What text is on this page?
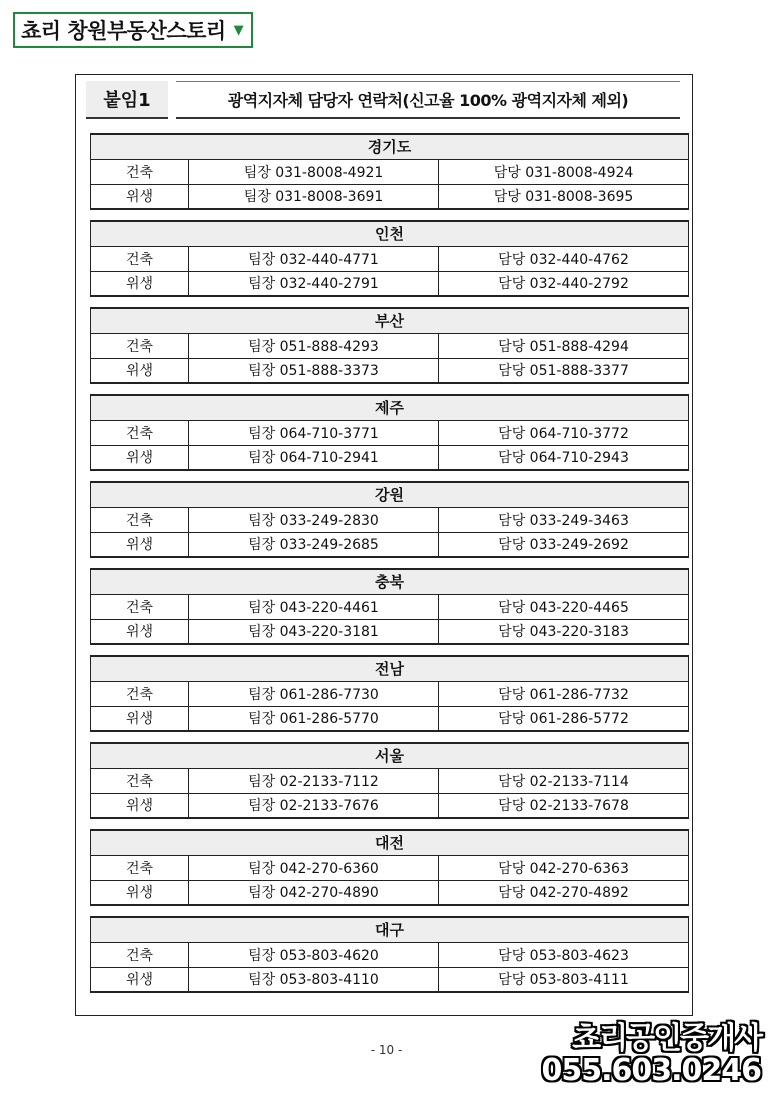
쵸리 창원부동산스토리 ▼
붙임1	광역지자체 담당자 연락처(신고율 100% 광역지자체 제외)
경기도		
건축	팀장 031-8008-4921	담당 031-8008-4924
위생	팀장 031-8008-3691	담당 031-8008-3695
인천		
건축	팀장 032-440-4771	담당 032-440-4762
위생	팀장 032-440-2791	담당 032-440-2792
부산		
건축	팀장 051-888-4293	담당 051-888-4294
위생	팀장 051-888-3373	담당 051-888-3377
제주		
건축	팀장 064-710-3771	담당 064-710-3772
위생	팀장 064-710-2941	담당 064-710-2943
강원		
건축	팀장 033-249-2830	담당 033-249-3463
위생	팀장 033-249-2685	담당 033-249-2692
충북		
건축	팀장 043-220-4461	담당 043-220-4465
위생	팀장 043-220-3181	담당 043-220-3183
전남		
건축	팀장 061-286-7730	담당 061-286-7732
위생	팀장 061-286-5770	담당 061-286-5772
서울		
건축	팀장 02-2133-7112	담당 02-2133-7114
위생	팀장 02-2133-7676	담당 02-2133-7678
대전		
건축	팀장 042-270-6360	담당 042-270-6363
위생	팀장 042-270-4890	담당 042-270-4892
대구		
건축	팀장 053-803-4620	담당 053-803-4623
위생	팀장 053-803-4110	담당 053-803-4111
- 10 -	쵸리공인중개사
055.603.0246
